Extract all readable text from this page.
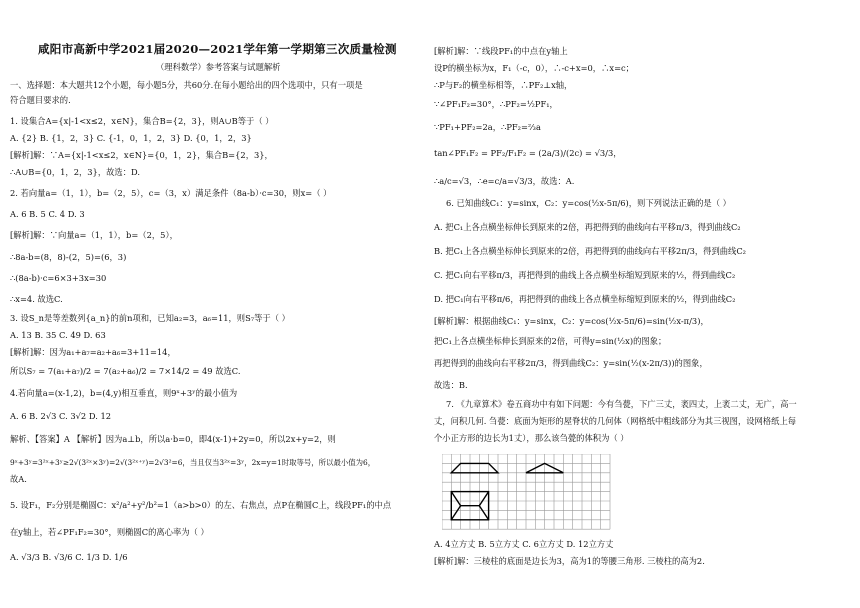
咸阳市高新中学2021届2020—2021学年第一学期第三次质量检测
（理科数学）参考答案与试题解析
一、选择题：本大题共12个小题，每小题5分，共60分.在每小题给出的四个选项中，只有一项是
符合题目要求的.
1. 设集合A={x|-1<x≤2，x∈N}，集合B={2，3}，则A∪B等于（ ）
A. {2} B. {1，2，3} C. {-1，0，1，2，3} D. {0，1，2，3}
[解析]解：∵A={x|-1<x≤2，x∈N}={0，1，2}，集合B={2，3}，
∴A∪B={0，1，2，3}，故选：D.
2. 若向量a=（1，1），b=（2，5），c=（3，x）满足条件（8a-b）·c=30，则x=（ ）
A. 6 B. 5 C. 4 D. 3
[解析]解：∵向量a=（1，1），b=（2，5），
∴8a-b=(8，8)-(2，5)=(6，3)
∴(8a-b)·c=6×3+3x=30
∴x=4. 故选C.
3. 设S_n是等差数列{a_n}的前n项和，已知a₂=3，a₆=11，则S₇等于（ ）
A. 13 B. 35 C. 49 D. 63
[解析]解：因为a₁+a₇=a₂+a₆=3+11=14，
所以S₇ = 7(a₁+a₇)/2 = 7(a₂+a₆)/2 = 7×14/2 = 49 故选C.
4.若向量a=(x-1,2)，b=(4,y)相互垂直，则9ˣ+3ʸ的最小值为
A. 6 B. 2√3 C. 3√2 D. 12
解析、【答案】A 【解析】因为a⊥b，所以a·b=0，即4(x-1)+2y=0，所以2x+y=2，则
9ˣ+3ʸ=3²ˣ+3ʸ≥2√(3²ˣ×3ʸ)=2√(3²ˣ⁺ʸ)=2√3²=6，当且仅当3²ˣ=3ʸ，2x=y=1时取等号，所以最小值为6，
故A.
5. 设F₁，F₂分别是椭圆C：x²/a²+y²/b²=1（a>b>0）的左、右焦点，点P在椭圆C上，线段PF₁的中点
在y轴上，若∠PF₁F₂=30°，则椭圆C的离心率为（ ）
A. √3/3 B. √3/6 C. 1/3 D. 1/6
[解析]解：∵线段PF₁的中点在y轴上
设P的横坐标为x，F₁（-c，0），∴-c+x=0，∴x=c；
∴P与F₂的横坐标相等，∴PF₂⊥x轴，
∵∠PF₁F₂=30°，∴PF₂=½PF₁，
∵PF₁+PF₂=2a，∴PF₂=⅔a
tan∠PF₁F₂ = PF₂/F₁F₂ = (2a/3)/(2c) = √3/3，
∴a/c=√3，∴e=c/a=√3/3，故选：A.
6. 已知曲线C₁：y=sinx，C₂：y=cos(½x-5π/6)，则下列说法正确的是（ ）
A. 把C₁上各点横坐标伸长到原来的2倍，再把得到的曲线向右平移π/3，得到曲线C₂
B. 把C₁上各点横坐标伸长到原来的2倍，再把得到的曲线向右平移2π/3，得到曲线C₂
C. 把C₁向右平移π/3，再把得到的曲线上各点横坐标缩短到原来的½，得到曲线C₂
D. 把C₁向右平移π/6，再把得到的曲线上各点横坐标缩短到原来的½，得到曲线C₂
[解析]解：根据曲线C₁：y=sinx，C₂：y=cos(½x-5π/6)=sin(½x-π/3)，
把C₁上各点横坐标伸长到原来的2倍，可得y=sin(½x)的图象；
再把得到的曲线向右平移2π/3，得到曲线C₂：y=sin(½(x-2π/3))的图象，
故选：B.
7. 《九章算术》卷五商功中有如下问题：今有刍甍，下广三丈，袤四丈，上袤二丈，无广，高一
丈，问积几何. 刍甍：底面为矩形的屋脊状的几何体（网格纸中粗线部分为其三视图，设网格纸上每
个小正方形的边长为1丈），那么该刍甍的体积为（ ）
A. 4立方丈 B. 5立方丈 C. 6立方丈 D. 12立方丈
[解析]解：三棱柱的底面是边长为3，高为1的等腰三角形. 三棱柱的高为2.
